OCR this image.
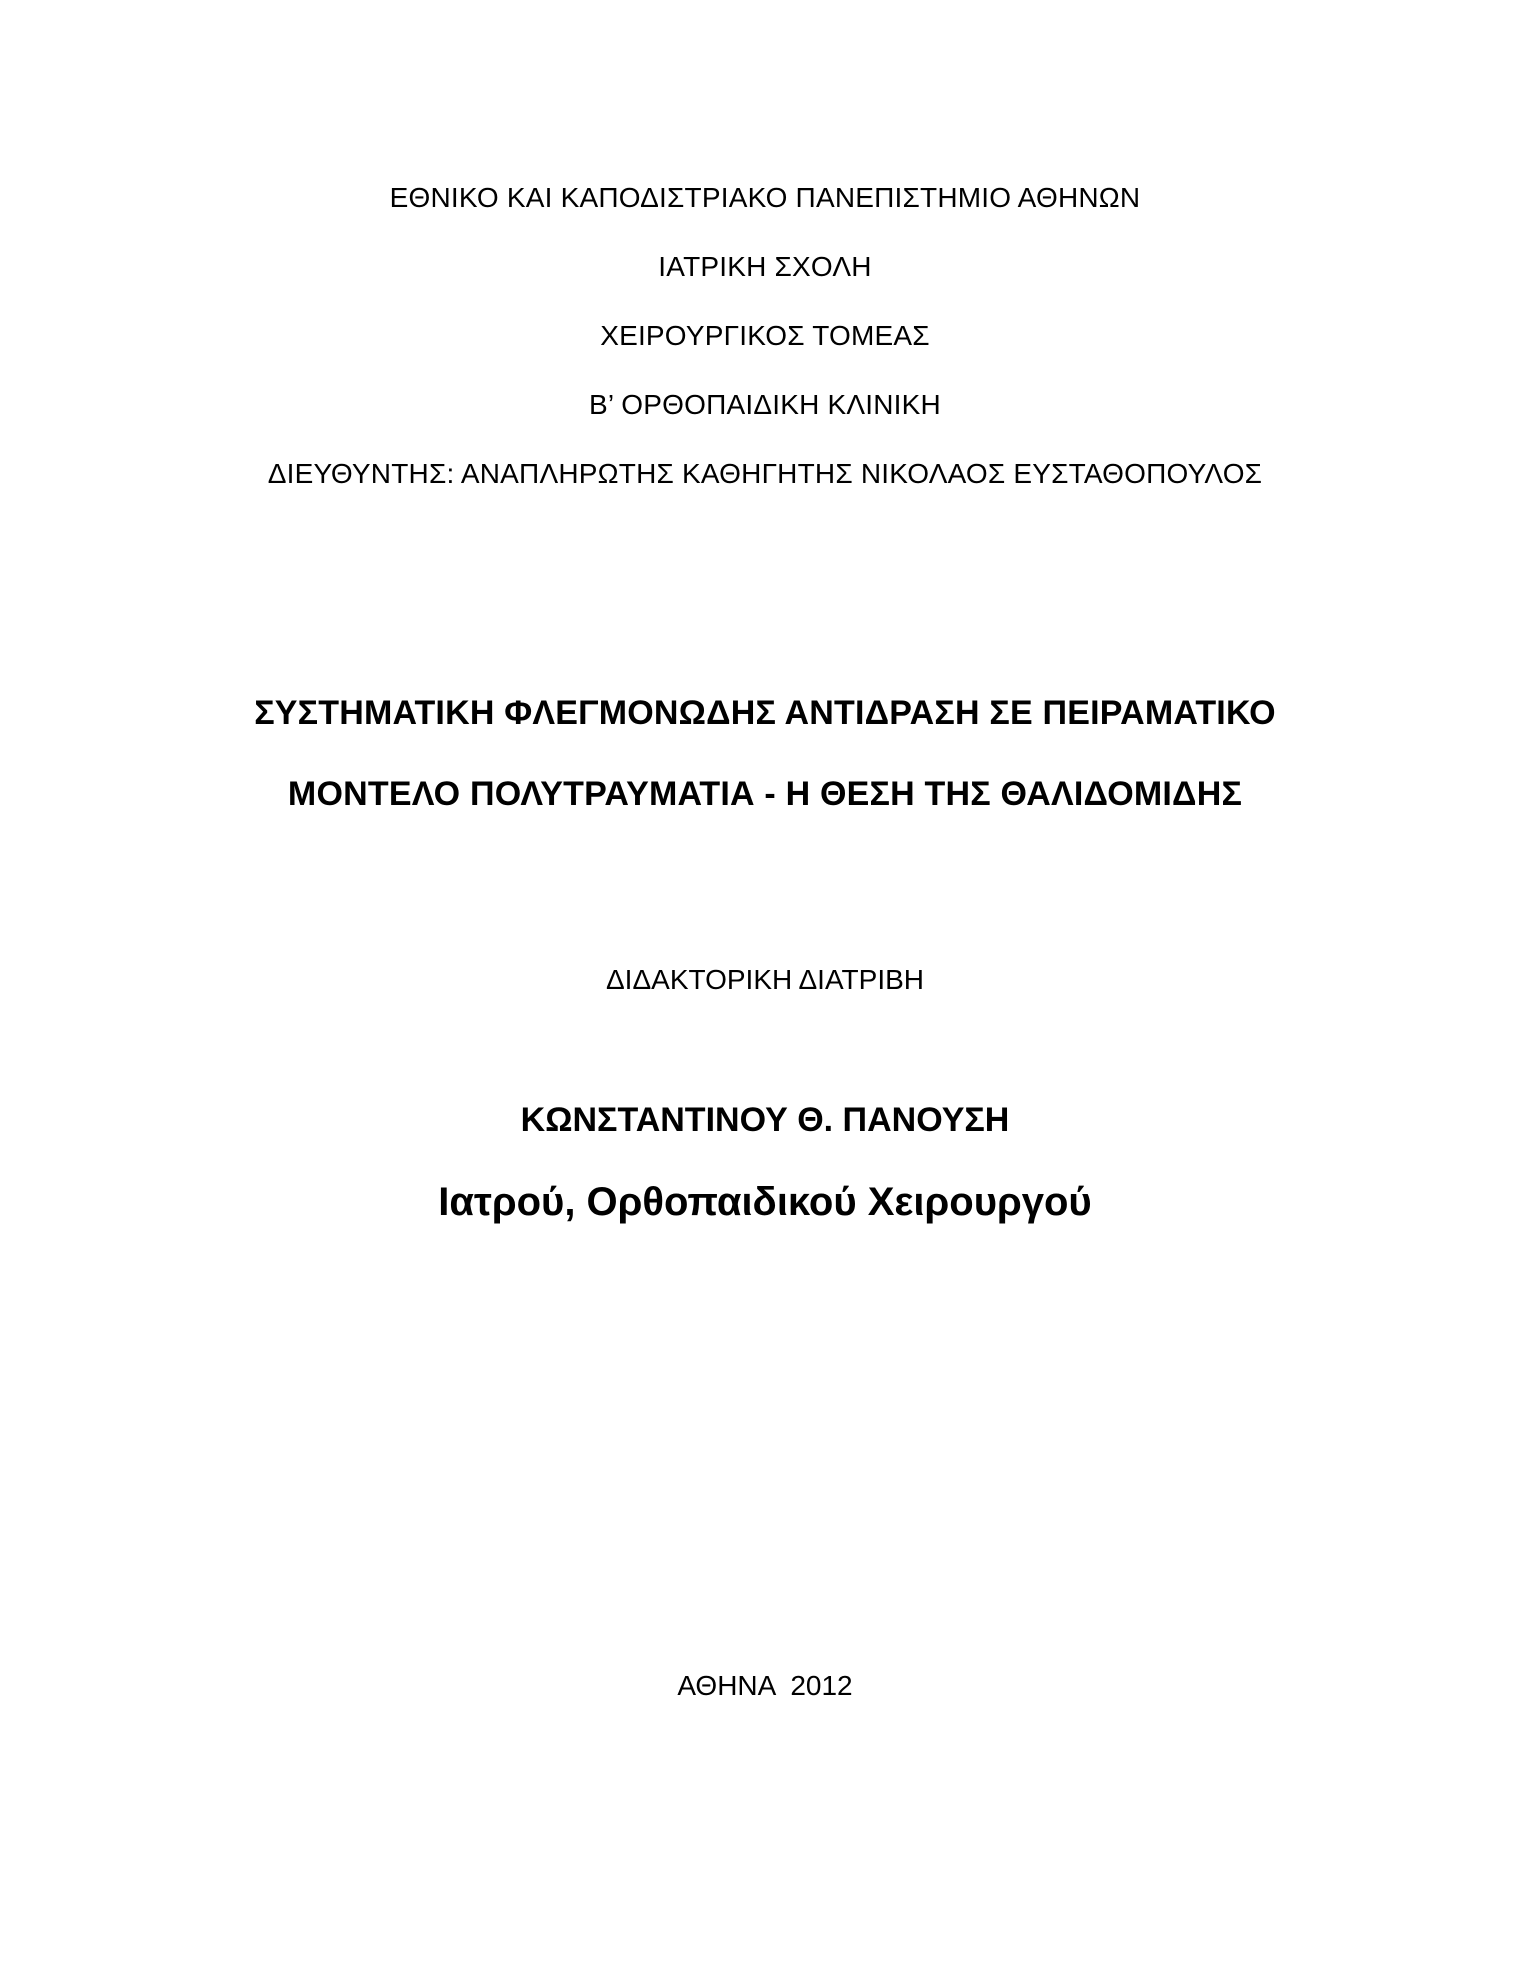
ΕΘΝΙΚΟ ΚΑΙ ΚΑΠΟΔΙΣΤΡΙΑΚΟ ΠΑΝΕΠΙΣΤΗΜΙΟ ΑΘΗΝΩΝ
ΙΑΤΡΙΚΗ ΣΧΟΛΗ
ΧΕΙΡΟΥΡΓΙΚΟΣ ΤΟΜΕΑΣ
Β’ ΟΡΘΟΠΑΙΔΙΚΗ ΚΛΙΝΙΚΗ
ΔΙΕΥΘΥΝΤΗΣ: ΑΝΑΠΛΗΡΩΤΗΣ ΚΑΘΗΓΗΤΗΣ ΝΙΚΟΛΑΟΣ ΕΥΣΤΑΘΟΠΟΥΛΟΣ
ΣΥΣΤΗΜΑΤΙΚΗ ΦΛΕΓΜΟΝΩΔΗΣ ΑΝΤΙΔΡΑΣΗ ΣΕ ΠΕΙΡΑΜΑΤΙΚΟ
ΜΟΝΤΕΛΟ ΠΟΛΥΤΡΑΥΜΑΤΙΑ - Η ΘΕΣΗ ΤΗΣ ΘΑΛΙΔΟΜΙΔΗΣ
ΔΙΔΑΚΤΟΡΙΚΗ ΔΙΑΤΡΙΒΗ
ΚΩΝΣΤΑΝΤΙΝΟΥ Θ. ΠΑΝΟΥΣΗ
Ιατρού, Ορθοπαιδικού Χειρουργού
ΑΘΗΝΑ  2012
